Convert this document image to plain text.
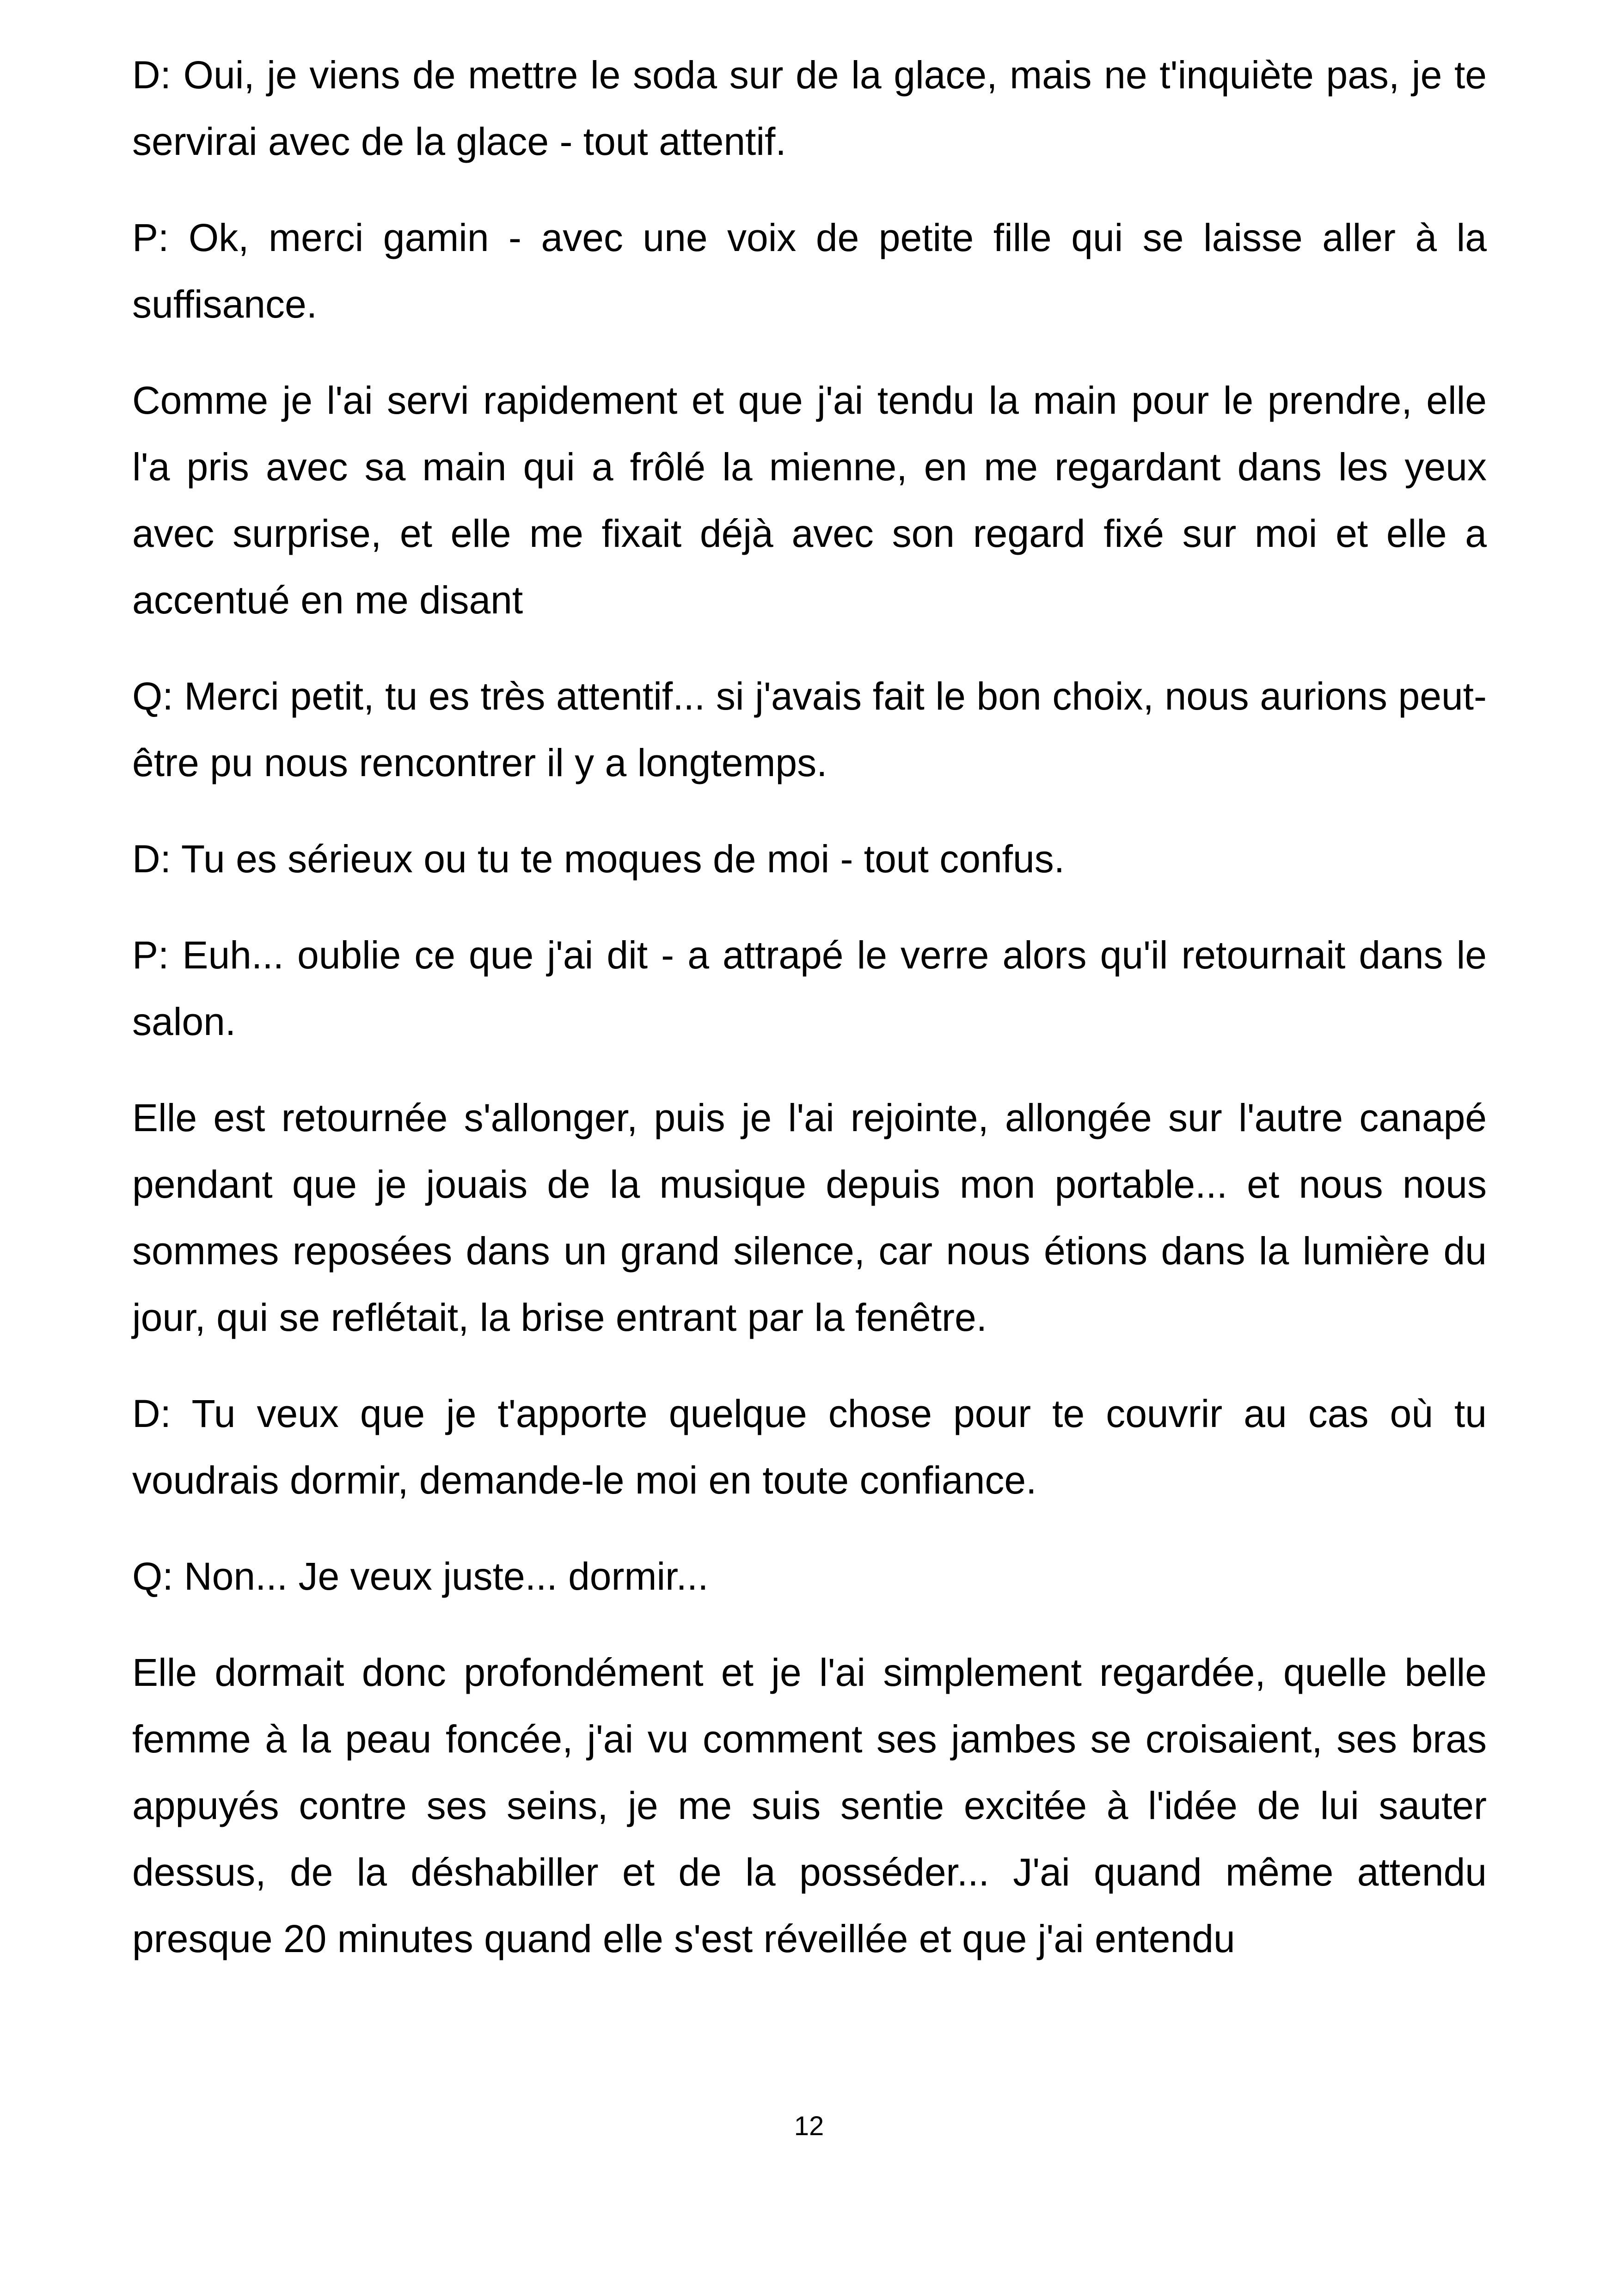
D: Oui, je viens de mettre le soda sur de la glace, mais ne t'inquiète pas, je te servirai avec de la glace - tout attentif.

P: Ok, merci gamin - avec une voix de petite fille qui se laisse aller à la suffisance.

Comme je l'ai servi rapidement et que j'ai tendu la main pour le prendre, elle l'a pris avec sa main qui a frôlé la mienne, en me regardant dans les yeux avec surprise, et elle me fixait déjà avec son regard fixé sur moi et elle a accentué en me disant

Q: Merci petit, tu es très attentif... si j'avais fait le bon choix, nous aurions peut-être pu nous rencontrer il y a longtemps.

D: Tu es sérieux ou tu te moques de moi - tout confus.

P: Euh... oublie ce que j'ai dit - a attrapé le verre alors qu'il retournait dans le salon.

Elle est retournée s'allonger, puis je l'ai rejointe, allongée sur l'autre canapé pendant que je jouais de la musique depuis mon portable... et nous nous sommes reposées dans un grand silence, car nous étions dans la lumière du jour, qui se reflétait, la brise entrant par la fenêtre.

D: Tu veux que je t'apporte quelque chose pour te couvrir au cas où tu voudrais dormir, demande-le moi en toute confiance.

Q: Non... Je veux juste... dormir...

Elle dormait donc profondément et je l'ai simplement regardée, quelle belle femme à la peau foncée, j'ai vu comment ses jambes se croisaient, ses bras appuyés contre ses seins, je me suis sentie excitée à l'idée de lui sauter dessus, de la déshabiller et de la posséder... J'ai quand même attendu presque 20 minutes quand elle s'est réveillée et que j'ai entendu

12
